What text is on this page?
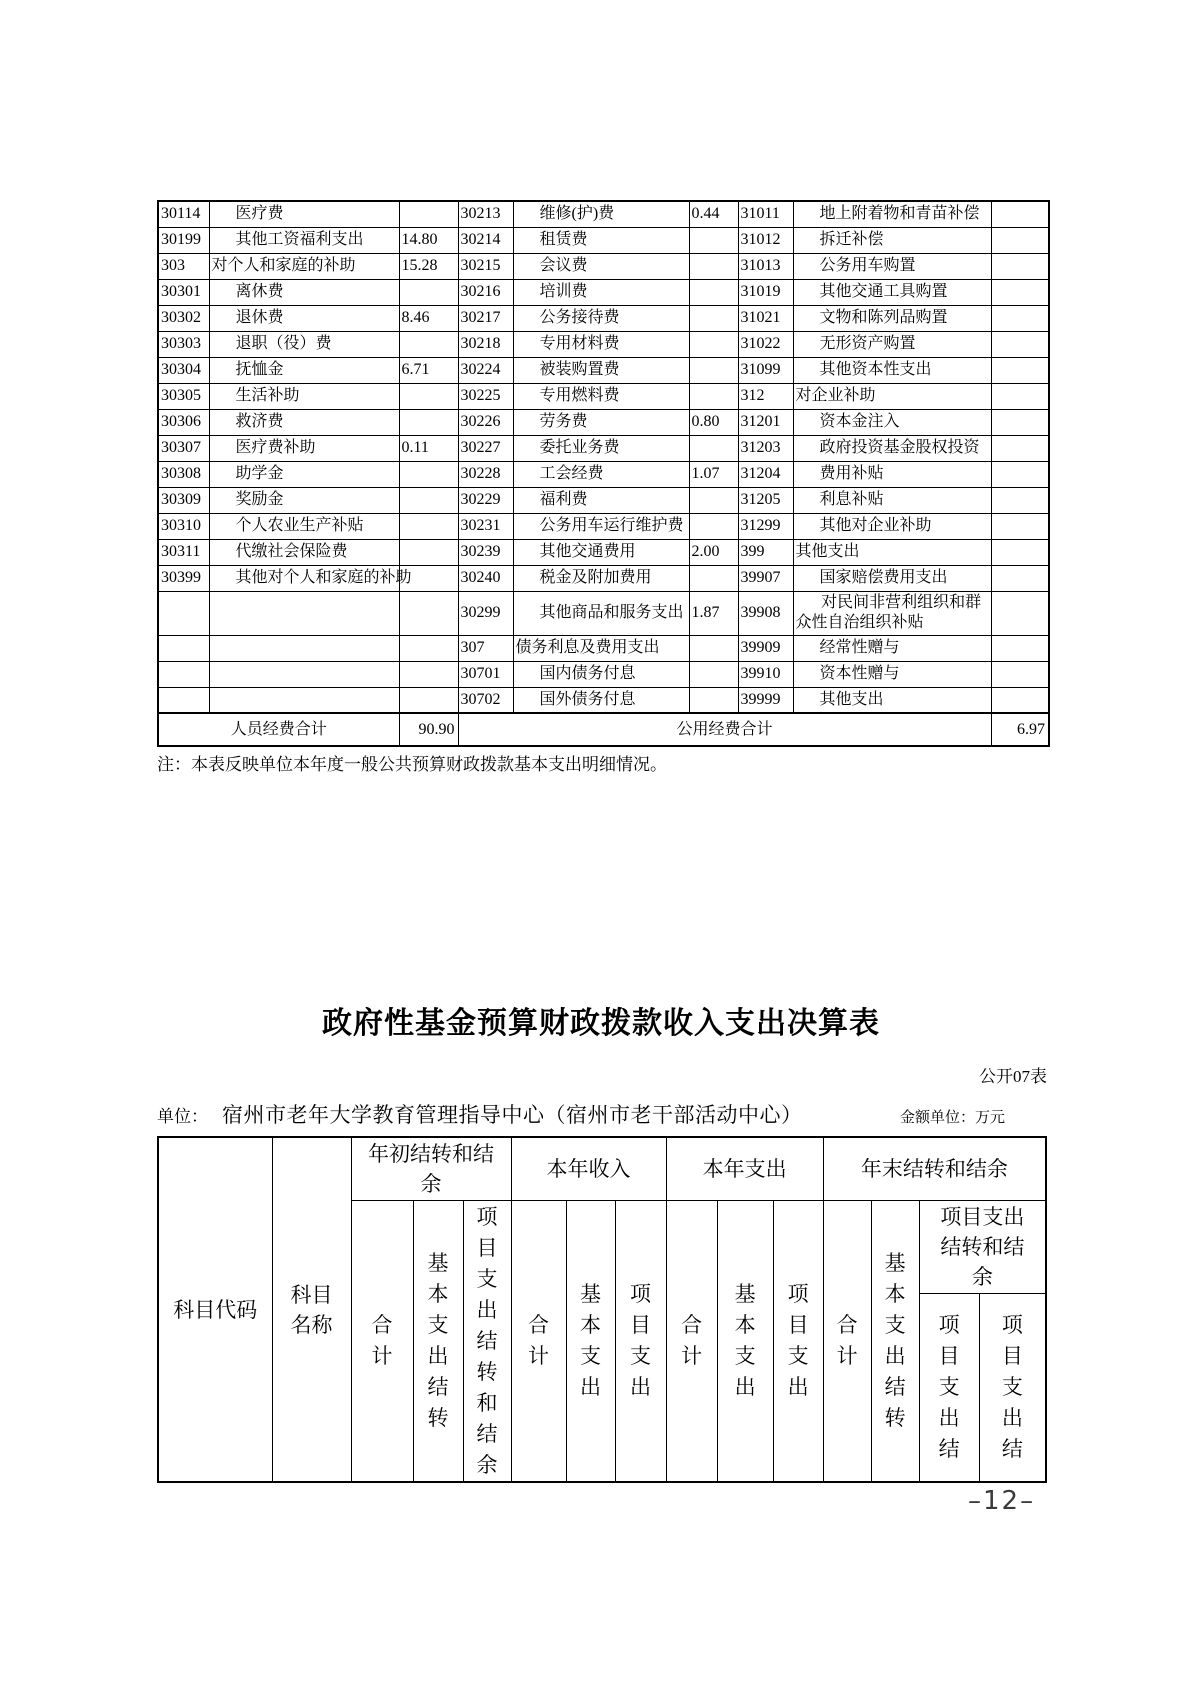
30114	医疗费		30213	维修(护)费	0.44	31011	地上附着物和青苗补偿	
30199	其他工资福利支出	14.80	30214	租赁费		31012	拆迁补偿	
303	对个人和家庭的补助	15.28	30215	会议费		31013	公务用车购置	
30301	离休费		30216	培训费		31019	其他交通工具购置	
30302	退休费	8.46	30217	公务接待费		31021	文物和陈列品购置	
30303	退职（役）费		30218	专用材料费		31022	无形资产购置	
30304	抚恤金	6.71	30224	被装购置费		31099	其他资本性支出	
30305	生活补助		30225	专用燃料费		312	对企业补助	
30306	救济费		30226	劳务费	0.80	31201	资本金注入	
30307	医疗费补助	0.11	30227	委托业务费		31203	政府投资基金股权投资	
30308	助学金		30228	工会经费	1.07	31204	费用补贴	
30309	奖励金		30229	福利费		31205	利息补贴	
30310	个人农业生产补贴		30231	公务用车运行维护费		31299	其他对企业补助	
30311	代缴社会保险费		30239	其他交通费用	2.00	399	其他支出	
30399	其他对个人和家庭的补助		30240	税金及附加费用		39907	国家赔偿费用支出	
			30299	其他商品和服务支出	1.87	39908	对民间非营利组织和群众性自治组织补贴	
			307	债务利息及费用支出		39909	经常性赠与	
			30701	国内债务付息		39910	资本性赠与	
			30702	国外债务付息		39999	其他支出	
人员经费合计		90.90	公用经费合计					6.97
注：本表反映单位本年度一般公共预算财政拨款基本支出明细情况。
政府性基金预算财政拨款收入支出决算表
公开07表
单位： 宿州市老年大学教育管理指导中心（宿州市老干部活动中心）	金额单位：万元
科目代码	科目名称	年初结转和结余			本年收入			本年支出			年末结转和结余			
		合计	基本支出结转	项目支出结转和结余	合计	基本支出	项目支出	合计	基本支出	项目支出	合计	基本支出结转	项目支出结转和结余	
													项目支出结	项目支出结
–12–
